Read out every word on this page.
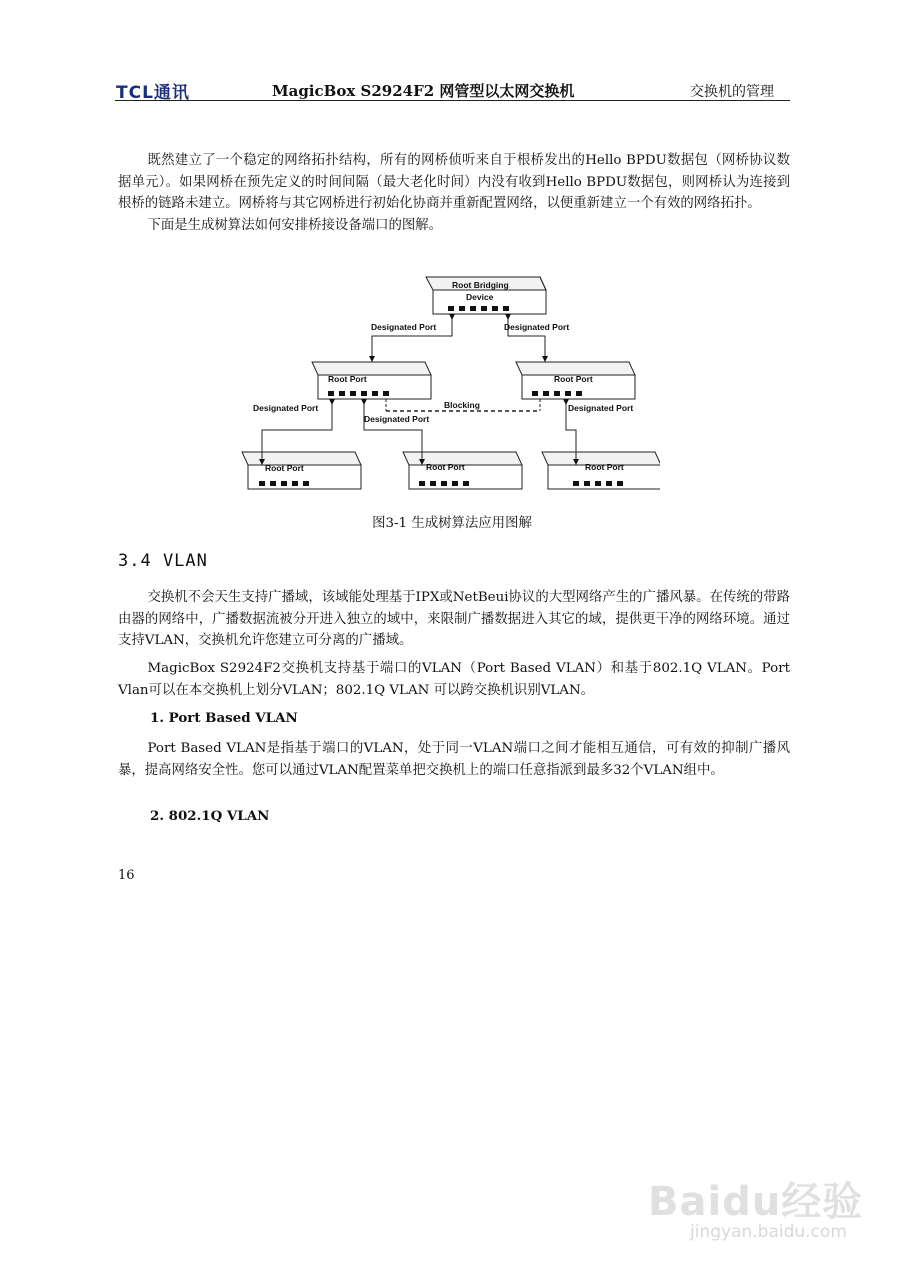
TCL通讯	MagicBox S2924F2 网管型以太网交换机	交换机的管理

既然建立了一个稳定的网络拓扑结构，所有的网桥侦听来自于根桥发出的Hello BPDU数据包（网桥协议数据单元）。如果网桥在预先定义的时间间隔（最大老化时间）内没有收到Hello BPDU数据包，则网桥认为连接到根桥的链路未建立。网桥将与其它网桥进行初始化协商并重新配置网络，以便重新建立一个有效的网络拓扑。

下面是生成树算法如何安排桥接设备端口的图解。

Root Bridging
Device
Designated Port	Designated Port
Root Port	Root Port
Designated Port
Designated Port
Blocking	Designated Port
Root Port	Root Port	Root Port
图3-1 生成树算法应用图解
3.4 VLAN

交换机不会天生支持广播域，该域能处理基于IPX或NetBeui协议的大型网络产生的广播风暴。在传统的带路由器的网络中，广播数据流被分开进入独立的域中，来限制广播数据进入其它的域，提供更干净的网络环境。通过支持VLAN，交换机允许您建立可分离的广播域。

MagicBox S2924F2交换机支持基于端口的VLAN（Port Based VLAN）和基于802.1Q VLAN。Port Vlan可以在本交换机上划分VLAN；802.1Q VLAN 可以跨交换机识别VLAN。

1. Port Based VLAN

Port Based VLAN是指基于端口的VLAN，处于同一VLAN端口之间才能相互通信，可有效的抑制广播风暴，提高网络安全性。您可以通过VLAN配置菜单把交换机上的端口任意指派到最多32个VLAN组中。

2. 802.1Q VLAN
16
Baidu经验
jingyan.baidu.com
